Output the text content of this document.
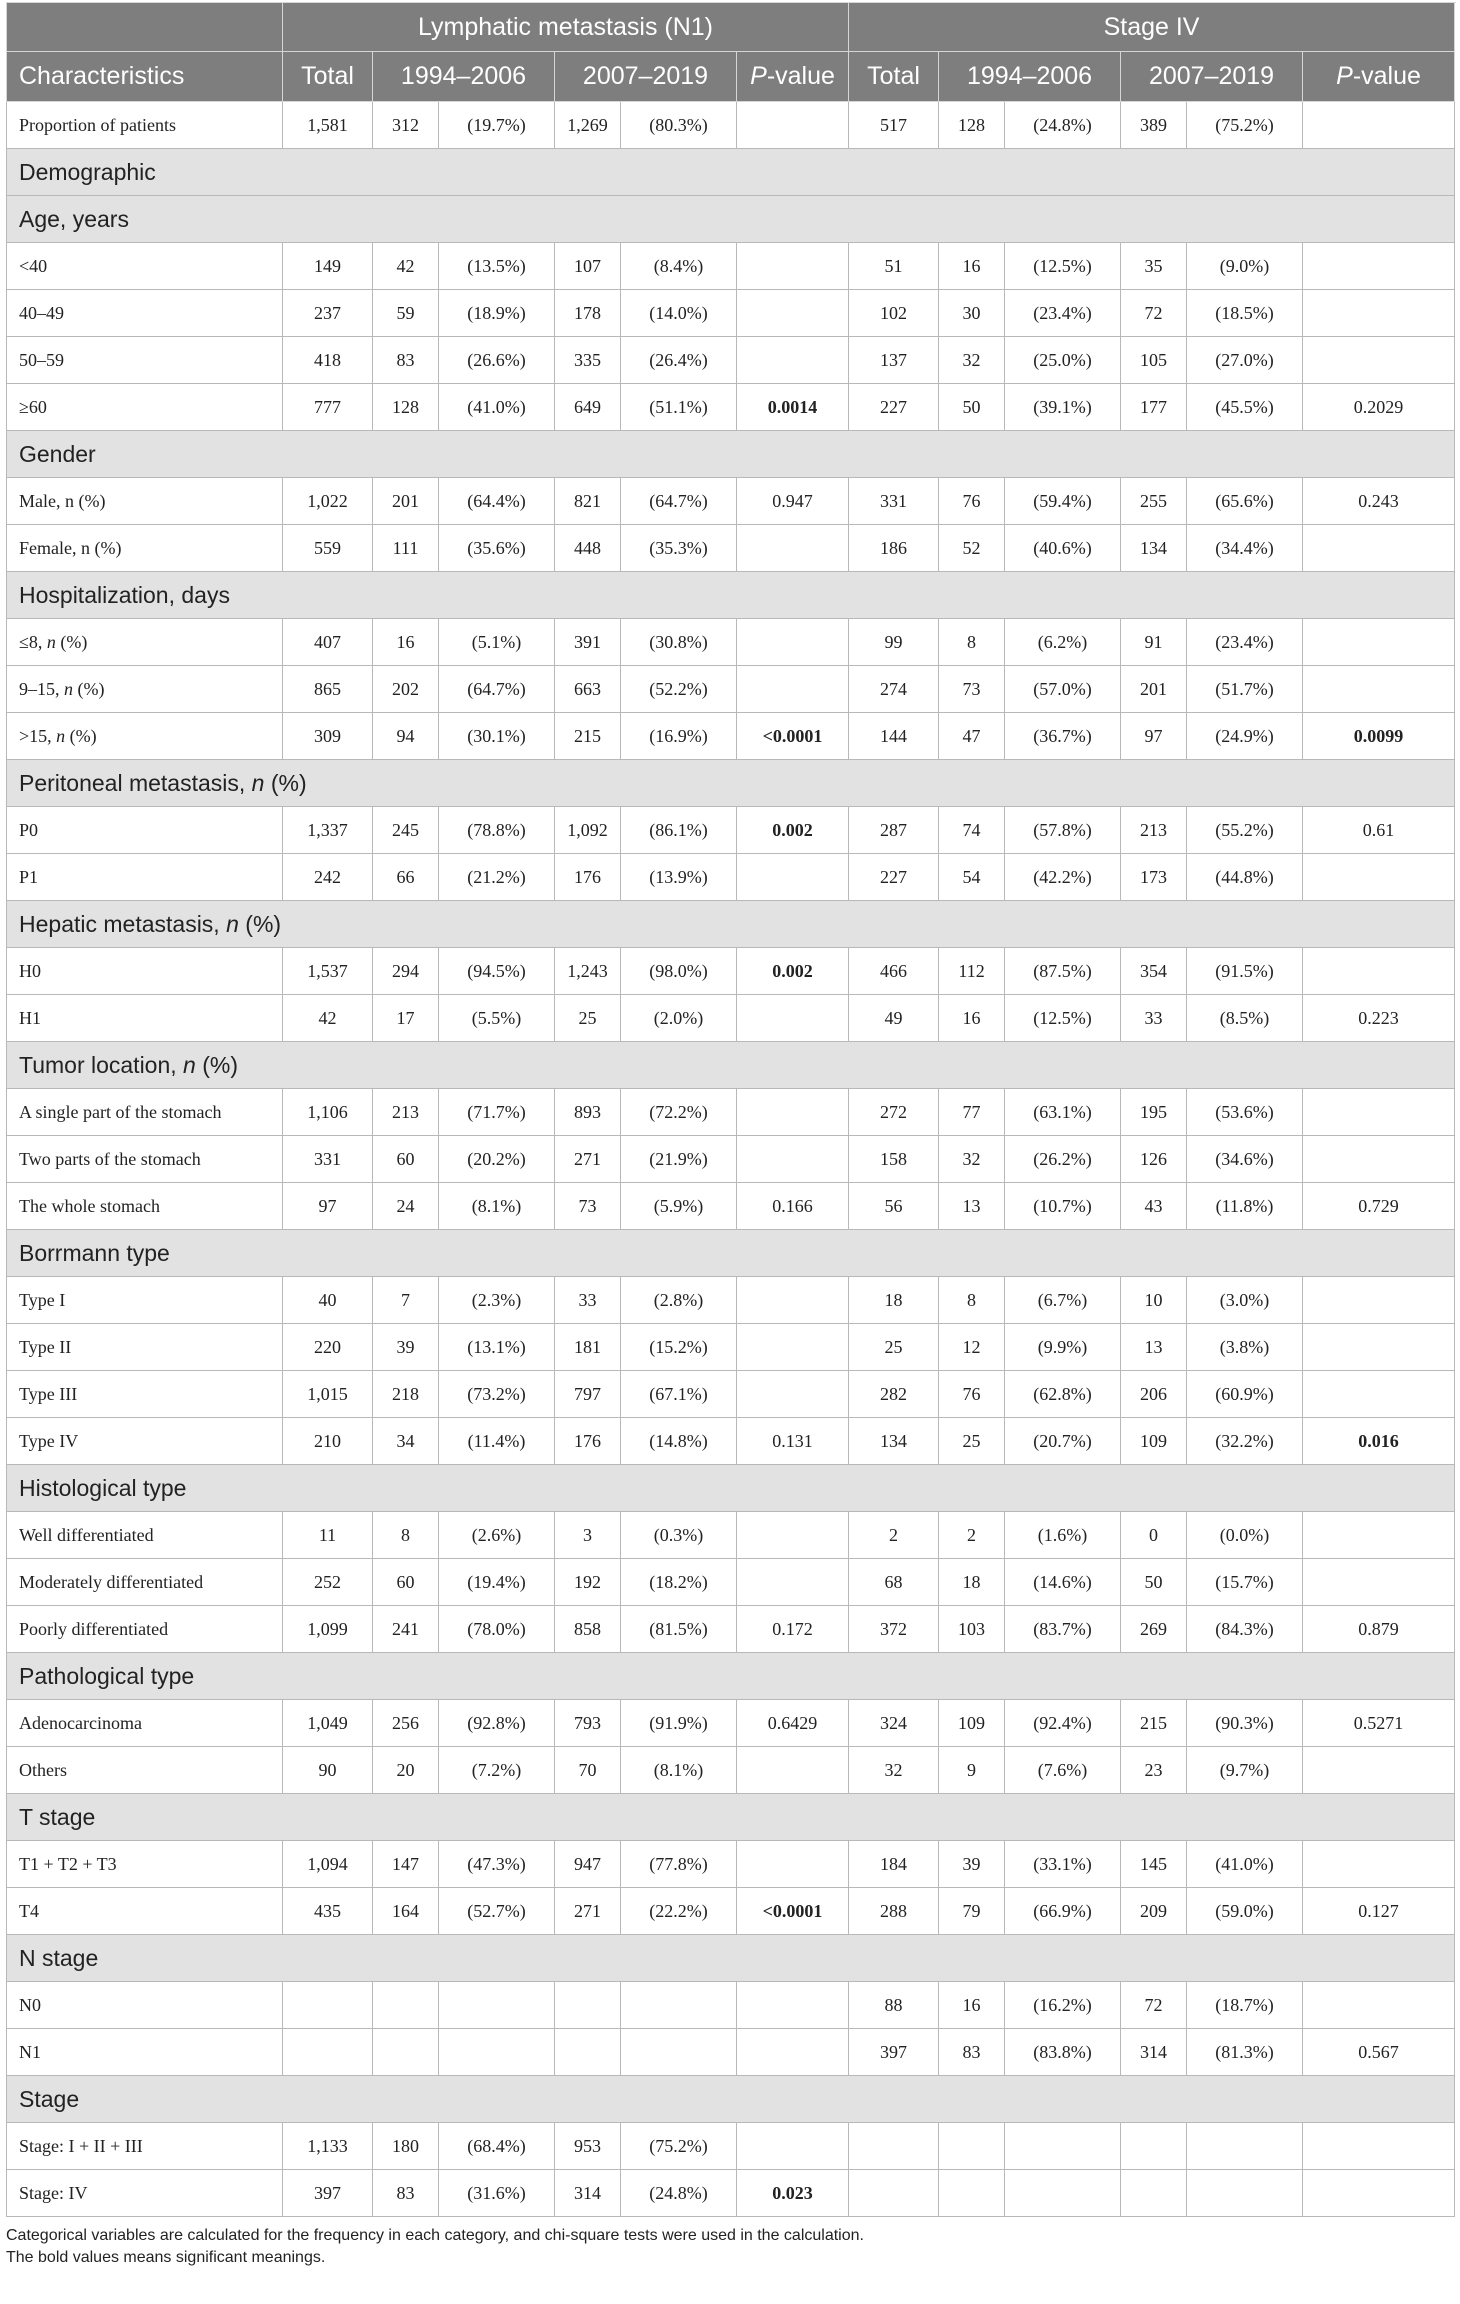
	Lymphatic metastasis (N1)						Stage IV					
Characteristics	Total	1994–2006		2007–2019		P-value	Total	1994–2006		2007–2019		P-value
Proportion of patients	1,581	312	(19.7%)	1,269	(80.3%)		517	128	(24.8%)	389	(75.2%)	
Demographic												
Age, years												
<40	149	42	(13.5%)	107	(8.4%)		51	16	(12.5%)	35	(9.0%)	
40–49	237	59	(18.9%)	178	(14.0%)		102	30	(23.4%)	72	(18.5%)	
50–59	418	83	(26.6%)	335	(26.4%)		137	32	(25.0%)	105	(27.0%)	
≥60	777	128	(41.0%)	649	(51.1%)	0.0014	227	50	(39.1%)	177	(45.5%)	0.2029
Gender												
Male, n (%)	1,022	201	(64.4%)	821	(64.7%)	0.947	331	76	(59.4%)	255	(65.6%)	0.243
Female, n (%)	559	111	(35.6%)	448	(35.3%)		186	52	(40.6%)	134	(34.4%)	
Hospitalization, days												
≤8, n (%)	407	16	(5.1%)	391	(30.8%)		99	8	(6.2%)	91	(23.4%)	
9–15, n (%)	865	202	(64.7%)	663	(52.2%)		274	73	(57.0%)	201	(51.7%)	
>15, n (%)	309	94	(30.1%)	215	(16.9%)	<0.0001	144	47	(36.7%)	97	(24.9%)	0.0099
Peritoneal metastasis, n (%)												
P0	1,337	245	(78.8%)	1,092	(86.1%)	0.002	287	74	(57.8%)	213	(55.2%)	0.61
P1	242	66	(21.2%)	176	(13.9%)		227	54	(42.2%)	173	(44.8%)	
Hepatic metastasis, n (%)												
H0	1,537	294	(94.5%)	1,243	(98.0%)	0.002	466	112	(87.5%)	354	(91.5%)	
H1	42	17	(5.5%)	25	(2.0%)		49	16	(12.5%)	33	(8.5%)	0.223
Tumor location, n (%)												
A single part of the stomach	1,106	213	(71.7%)	893	(72.2%)		272	77	(63.1%)	195	(53.6%)	
Two parts of the stomach	331	60	(20.2%)	271	(21.9%)		158	32	(26.2%)	126	(34.6%)	
The whole stomach	97	24	(8.1%)	73	(5.9%)	0.166	56	13	(10.7%)	43	(11.8%)	0.729
Borrmann type												
Type I	40	7	(2.3%)	33	(2.8%)		18	8	(6.7%)	10	(3.0%)	
Type II	220	39	(13.1%)	181	(15.2%)		25	12	(9.9%)	13	(3.8%)	
Type III	1,015	218	(73.2%)	797	(67.1%)		282	76	(62.8%)	206	(60.9%)	
Type IV	210	34	(11.4%)	176	(14.8%)	0.131	134	25	(20.7%)	109	(32.2%)	0.016
Histological type												
Well differentiated	11	8	(2.6%)	3	(0.3%)		2	2	(1.6%)	0	(0.0%)	
Moderately differentiated	252	60	(19.4%)	192	(18.2%)		68	18	(14.6%)	50	(15.7%)	
Poorly differentiated	1,099	241	(78.0%)	858	(81.5%)	0.172	372	103	(83.7%)	269	(84.3%)	0.879
Pathological type												
Adenocarcinoma	1,049	256	(92.8%)	793	(91.9%)	0.6429	324	109	(92.4%)	215	(90.3%)	0.5271
Others	90	20	(7.2%)	70	(8.1%)		32	9	(7.6%)	23	(9.7%)	
T stage												
T1 + T2 + T3	1,094	147	(47.3%)	947	(77.8%)		184	39	(33.1%)	145	(41.0%)	
T4	435	164	(52.7%)	271	(22.2%)	<0.0001	288	79	(66.9%)	209	(59.0%)	0.127
N stage												
N0							88	16	(16.2%)	72	(18.7%)	
N1							397	83	(83.8%)	314	(81.3%)	0.567
Stage												
Stage: I + II + III	1,133	180	(68.4%)	953	(75.2%)							
Stage: IV	397	83	(31.6%)	314	(24.8%)	0.023						
Categorical variables are calculated for the frequency in each category, and chi-square tests were used in the calculation.
The bold values means significant meanings.
